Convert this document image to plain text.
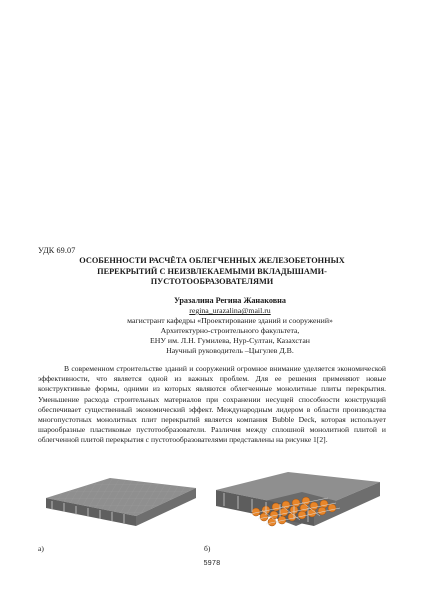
УДК 69.07
ОСОБЕННОСТИ РАСЧЁТА ОБЛЕГЧЕННЫХ ЖЕЛЕЗОБЕТОННЫХ
ПЕРЕКРЫТИЙ С НЕИЗВЛЕКАЕМЫМИ ВКЛАДЫШАМИ-
ПУСТОТООБРАЗОВАТЕЛЯМИ
Уразалина Регина Жанаковна
regina_urazalina@mail.ru
магистрант кафедры «Проектирование зданий и сооружений»
Архитектурно-строительного факультета,
ЕНУ им. Л.Н. Гумилева, Нур-Султан, Казахстан
Научный руководитель –Цыгулев Д.В.

В современном строительстве зданий и сооружений огромное внимание уделяется экономической эффективности, что является одной из важных проблем. Для ее решения применяют новые конструктивные формы, одними из которых являются облегченные монолитные плиты перекрытия. Уменьшение расхода строительных материалов при сохранении несущей способности конструкций обеспечивает существенный экономический эффект. Международным лидером в области производства многопустотных монолитных плит перекрытий является компания Bubble Deck, которая использует шарообразные пластиковые пустотообразователи. Различия между сплошной монолитной плитой и облегченной плитой перекрытия с пустотообразователями представлены на рисунке 1[2].

а)	б)
5978
